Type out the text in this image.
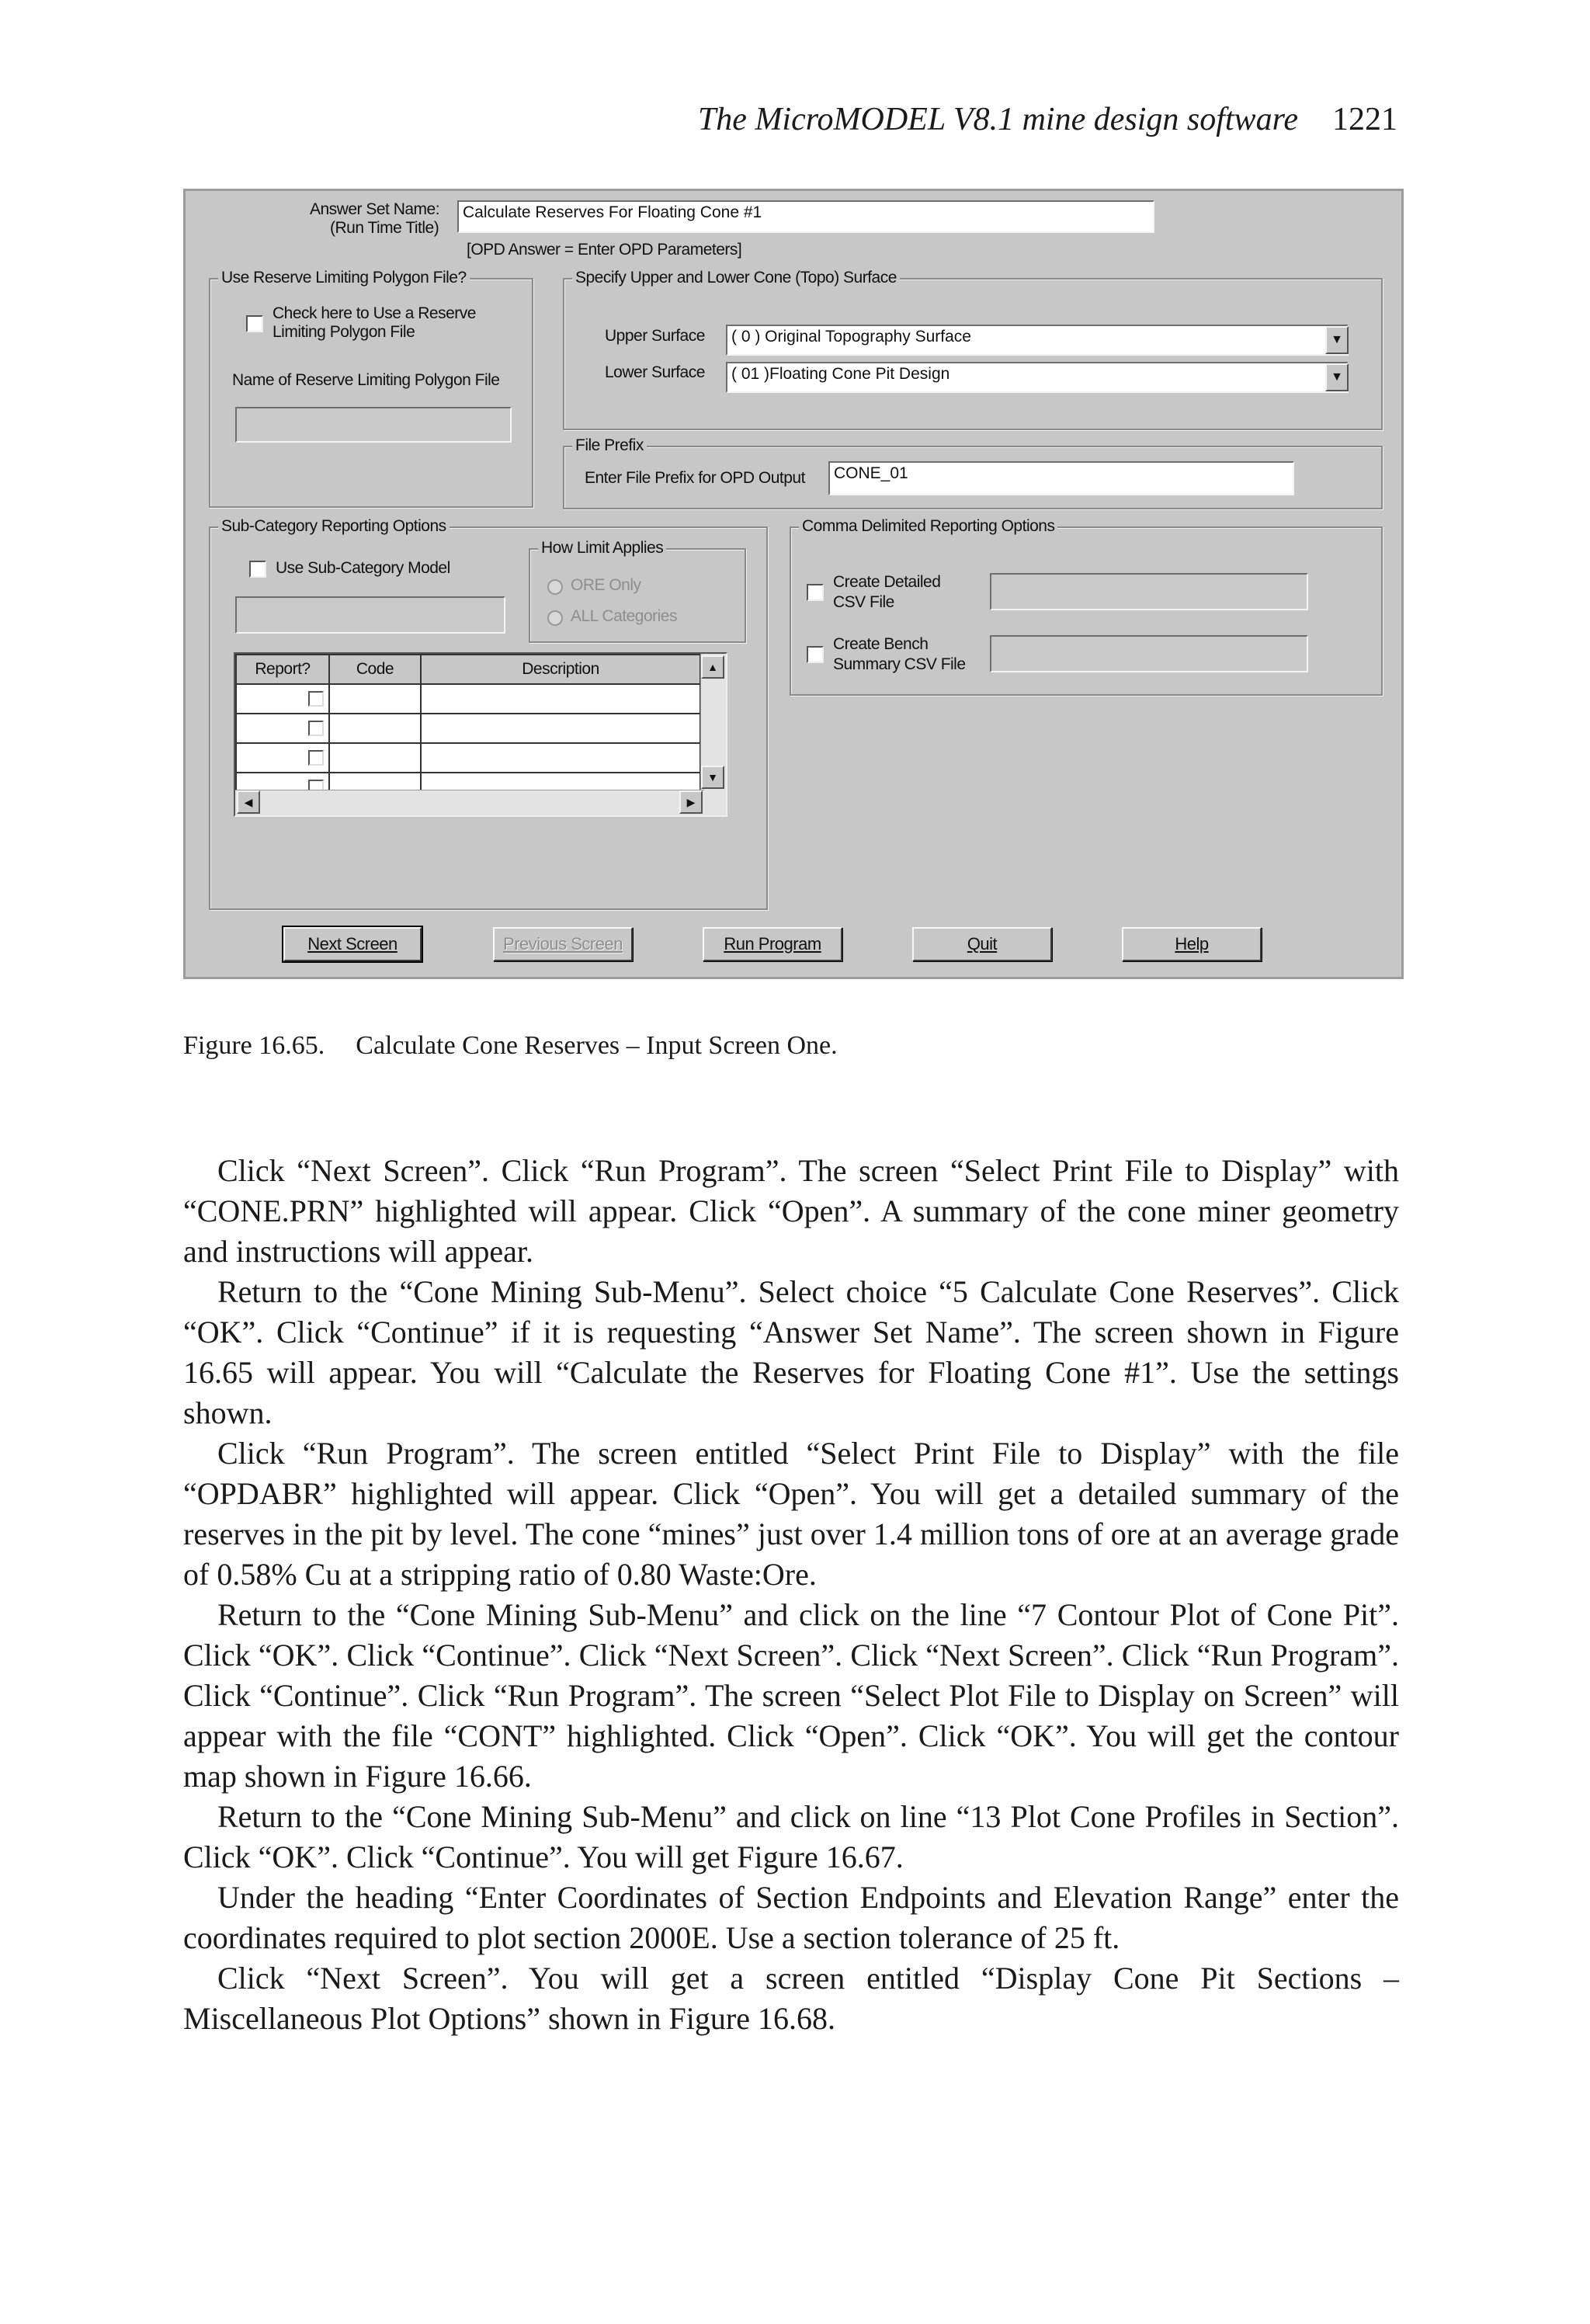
The MicroMODEL V8.1 mine design software 1221
Answer Set Name:
(Run Time Title)
Calculate Reserves For Floating Cone #1
[OPD Answer = Enter OPD Parameters]
Use Reserve Limiting Polygon File?
Check here to Use a Reserve
Limiting Polygon File
Name of Reserve Limiting Polygon File
Specify Upper and Lower Cone (Topo) Surface
Upper Surface	( 0 ) Original Topography Surface	▼
Lower Surface	( 01 )Floating Cone Pit Design	▼
File Prefix
Enter File Prefix for OPD Output	CONE_01
Sub-Category Reporting Options
Use Sub-Category Model
How Limit Applies
ORE Only
ALL Categories
Report?	Code	Description

			▲
▼
◀	▶
Comma Delimited Reporting Options
Create Detailed
CSV File
Create Bench
Summary CSV File
Next Screen	Previous Screen	Run Program	Quit	Help
Figure 16.65. Calculate Cone Reserves – Input Screen One.

Click “Next Screen”. Click “Run Program”. The screen “Select Print File to Display” with “CONE.PRN” highlighted will appear. Click “Open”. A summary of the cone miner geometry and instructions will appear.

Return to the “Cone Mining Sub-Menu”. Select choice “5 Calculate Cone Reserves”. Click “OK”. Click “Continue” if it is requesting “Answer Set Name”. The screen shown in Figure 16.65 will appear. You will “Calculate the Reserves for Floating Cone #1”. Use the settings shown.

Click “Run Program”. The screen entitled “Select Print File to Display” with the file “OPDABR” highlighted will appear. Click “Open”. You will get a detailed summary of the reserves in the pit by level. The cone “mines” just over 1.4 million tons of ore at an average grade of 0.58% Cu at a stripping ratio of 0.80 Waste:Ore.

Return to the “Cone Mining Sub-Menu” and click on the line “7 Contour Plot of Cone Pit”. Click “OK”. Click “Continue”. Click “Next Screen”. Click “Next Screen”. Click “Run Program”. Click “Continue”. Click “Run Program”. The screen “Select Plot File to Display on Screen” will appear with the file “CONT” highlighted. Click “Open”. Click “OK”. You will get the contour map shown in Figure 16.66.

Return to the “Cone Mining Sub-Menu” and click on line “13 Plot Cone Profiles in Section”. Click “OK”. Click “Continue”. You will get Figure 16.67.

Under the heading “Enter Coordinates of Section Endpoints and Elevation Range” enter the coordinates required to plot section 2000E. Use a section tolerance of 25 ft.

Click “Next Screen”. You will get a screen entitled “Display Cone Pit Sections – Miscellaneous Plot Options” shown in Figure 16.68.
